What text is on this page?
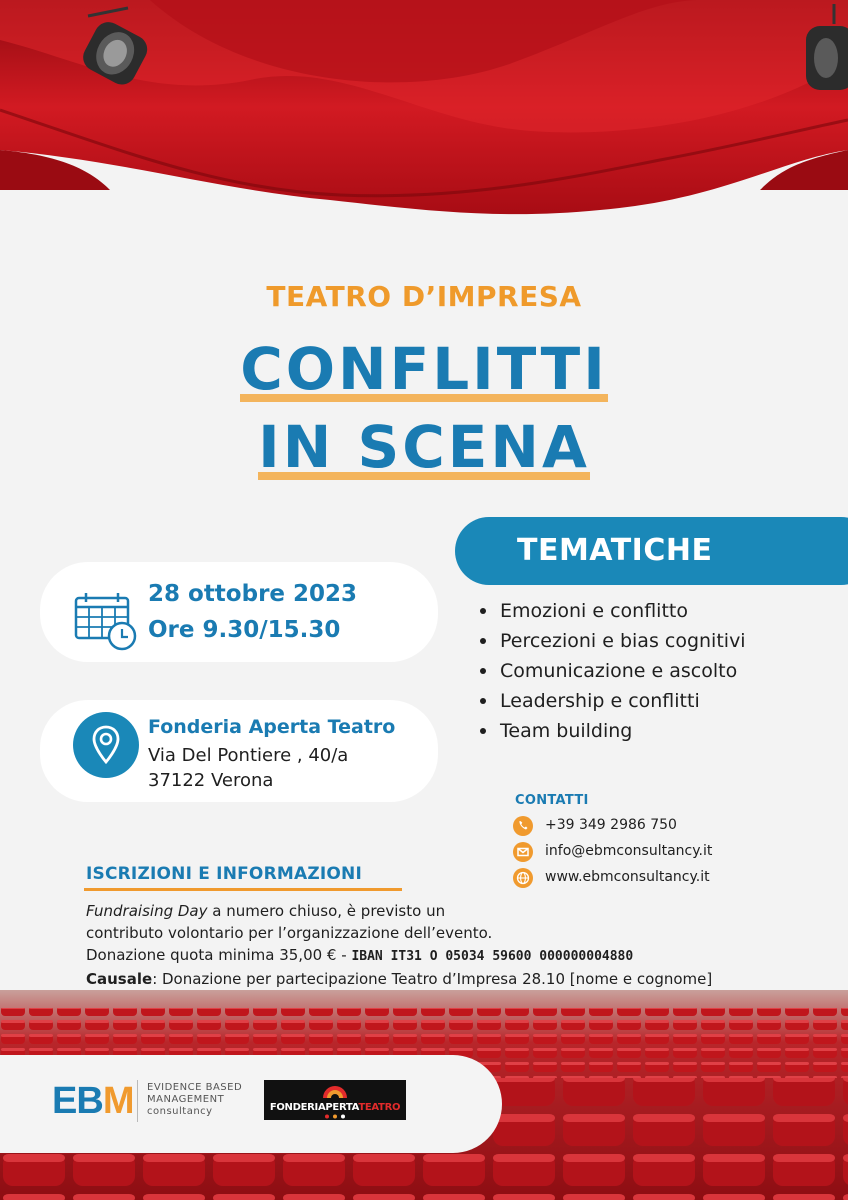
TEATRO D’IMPRESA
CONFLITTI
IN SCENA
TEMATICHE
Emozioni e conflitto
Percezioni e bias cognitivi
Comunicazione e ascolto
Leadership e conflitti
Team building
28 ottobre 2023
Ore 9.30/15.30
Fonderia Aperta Teatro
Via Del Pontiere , 40/a
37122 Verona
CONTATTI
+39 349 2986 750
info@ebmconsultancy.it
www.ebmconsultancy.it
ISCRIZIONI E INFORMAZIONI
Fundraising Day a numero chiuso, è previsto un
contributo volontario per l’organizzazione dell’evento.
Donazione quota minima 35,00 € - IBAN IT31 O 05034 59600 000000004880
Causale: Donazione per partecipazione Teatro d’Impresa 28.10 [nome e cognome]
EBM EVIDENCE BASED
MANAGEMENT
consultancy	FONDERIAPERTATEATRO
